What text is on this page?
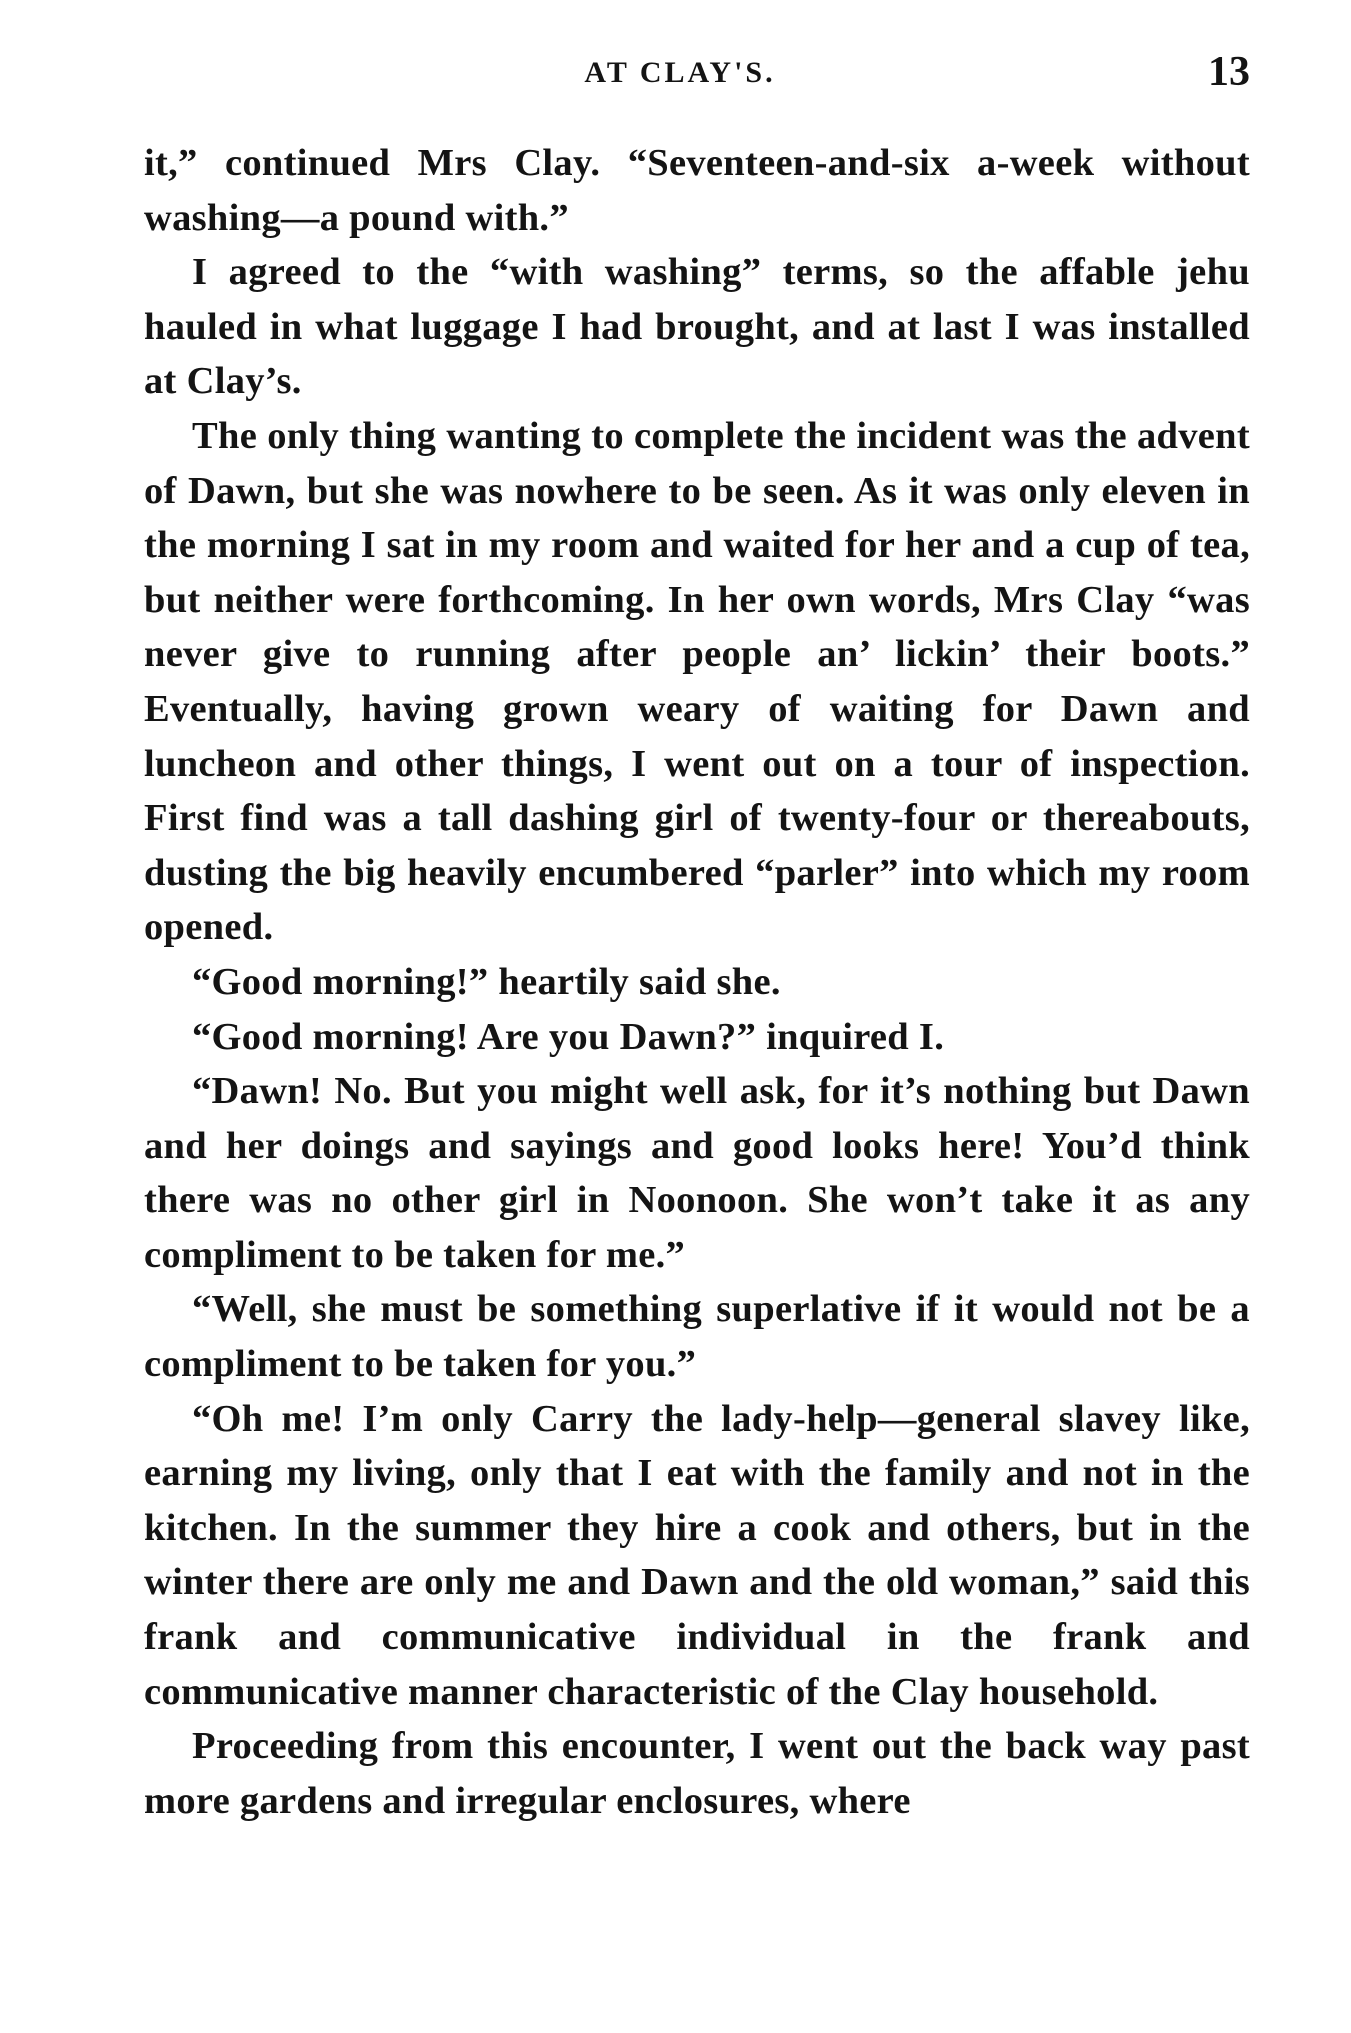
AT CLAY'S.	13

it,” continued Mrs Clay. “Seventeen-and-six a-week without washing—a pound with.”

I agreed to the “with washing” terms, so the affable jehu hauled in what luggage I had brought, and at last I was installed at Clay’s.

The only thing wanting to complete the incident was the advent of Dawn, but she was nowhere to be seen. As it was only eleven in the morning I sat in my room and waited for her and a cup of tea, but neither were forthcoming. In her own words, Mrs Clay “was never give to running after people an’ lickin’ their boots.” Eventually, having grown weary of waiting for Dawn and luncheon and other things, I went out on a tour of inspection. First find was a tall dashing girl of twenty-four or thereabouts, dusting the big heavily encumbered “parler” into which my room opened.

“Good morning!” heartily said she.

“Good morning! Are you Dawn?” inquired I.

“Dawn! No. But you might well ask, for it’s nothing but Dawn and her doings and sayings and good looks here! You’d think there was no other girl in Noonoon. She won’t take it as any compliment to be taken for me.”

“Well, she must be something superlative if it would not be a compliment to be taken for you.”

“Oh me! I’m only Carry the lady-help—general slavey like, earning my living, only that I eat with the family and not in the kitchen. In the summer they hire a cook and others, but in the winter there are only me and Dawn and the old woman,” said this frank and communicative individual in the frank and communicative manner characteristic of the Clay household.

Proceeding from this encounter, I went out the back way past more gardens and irregular enclosures, where
